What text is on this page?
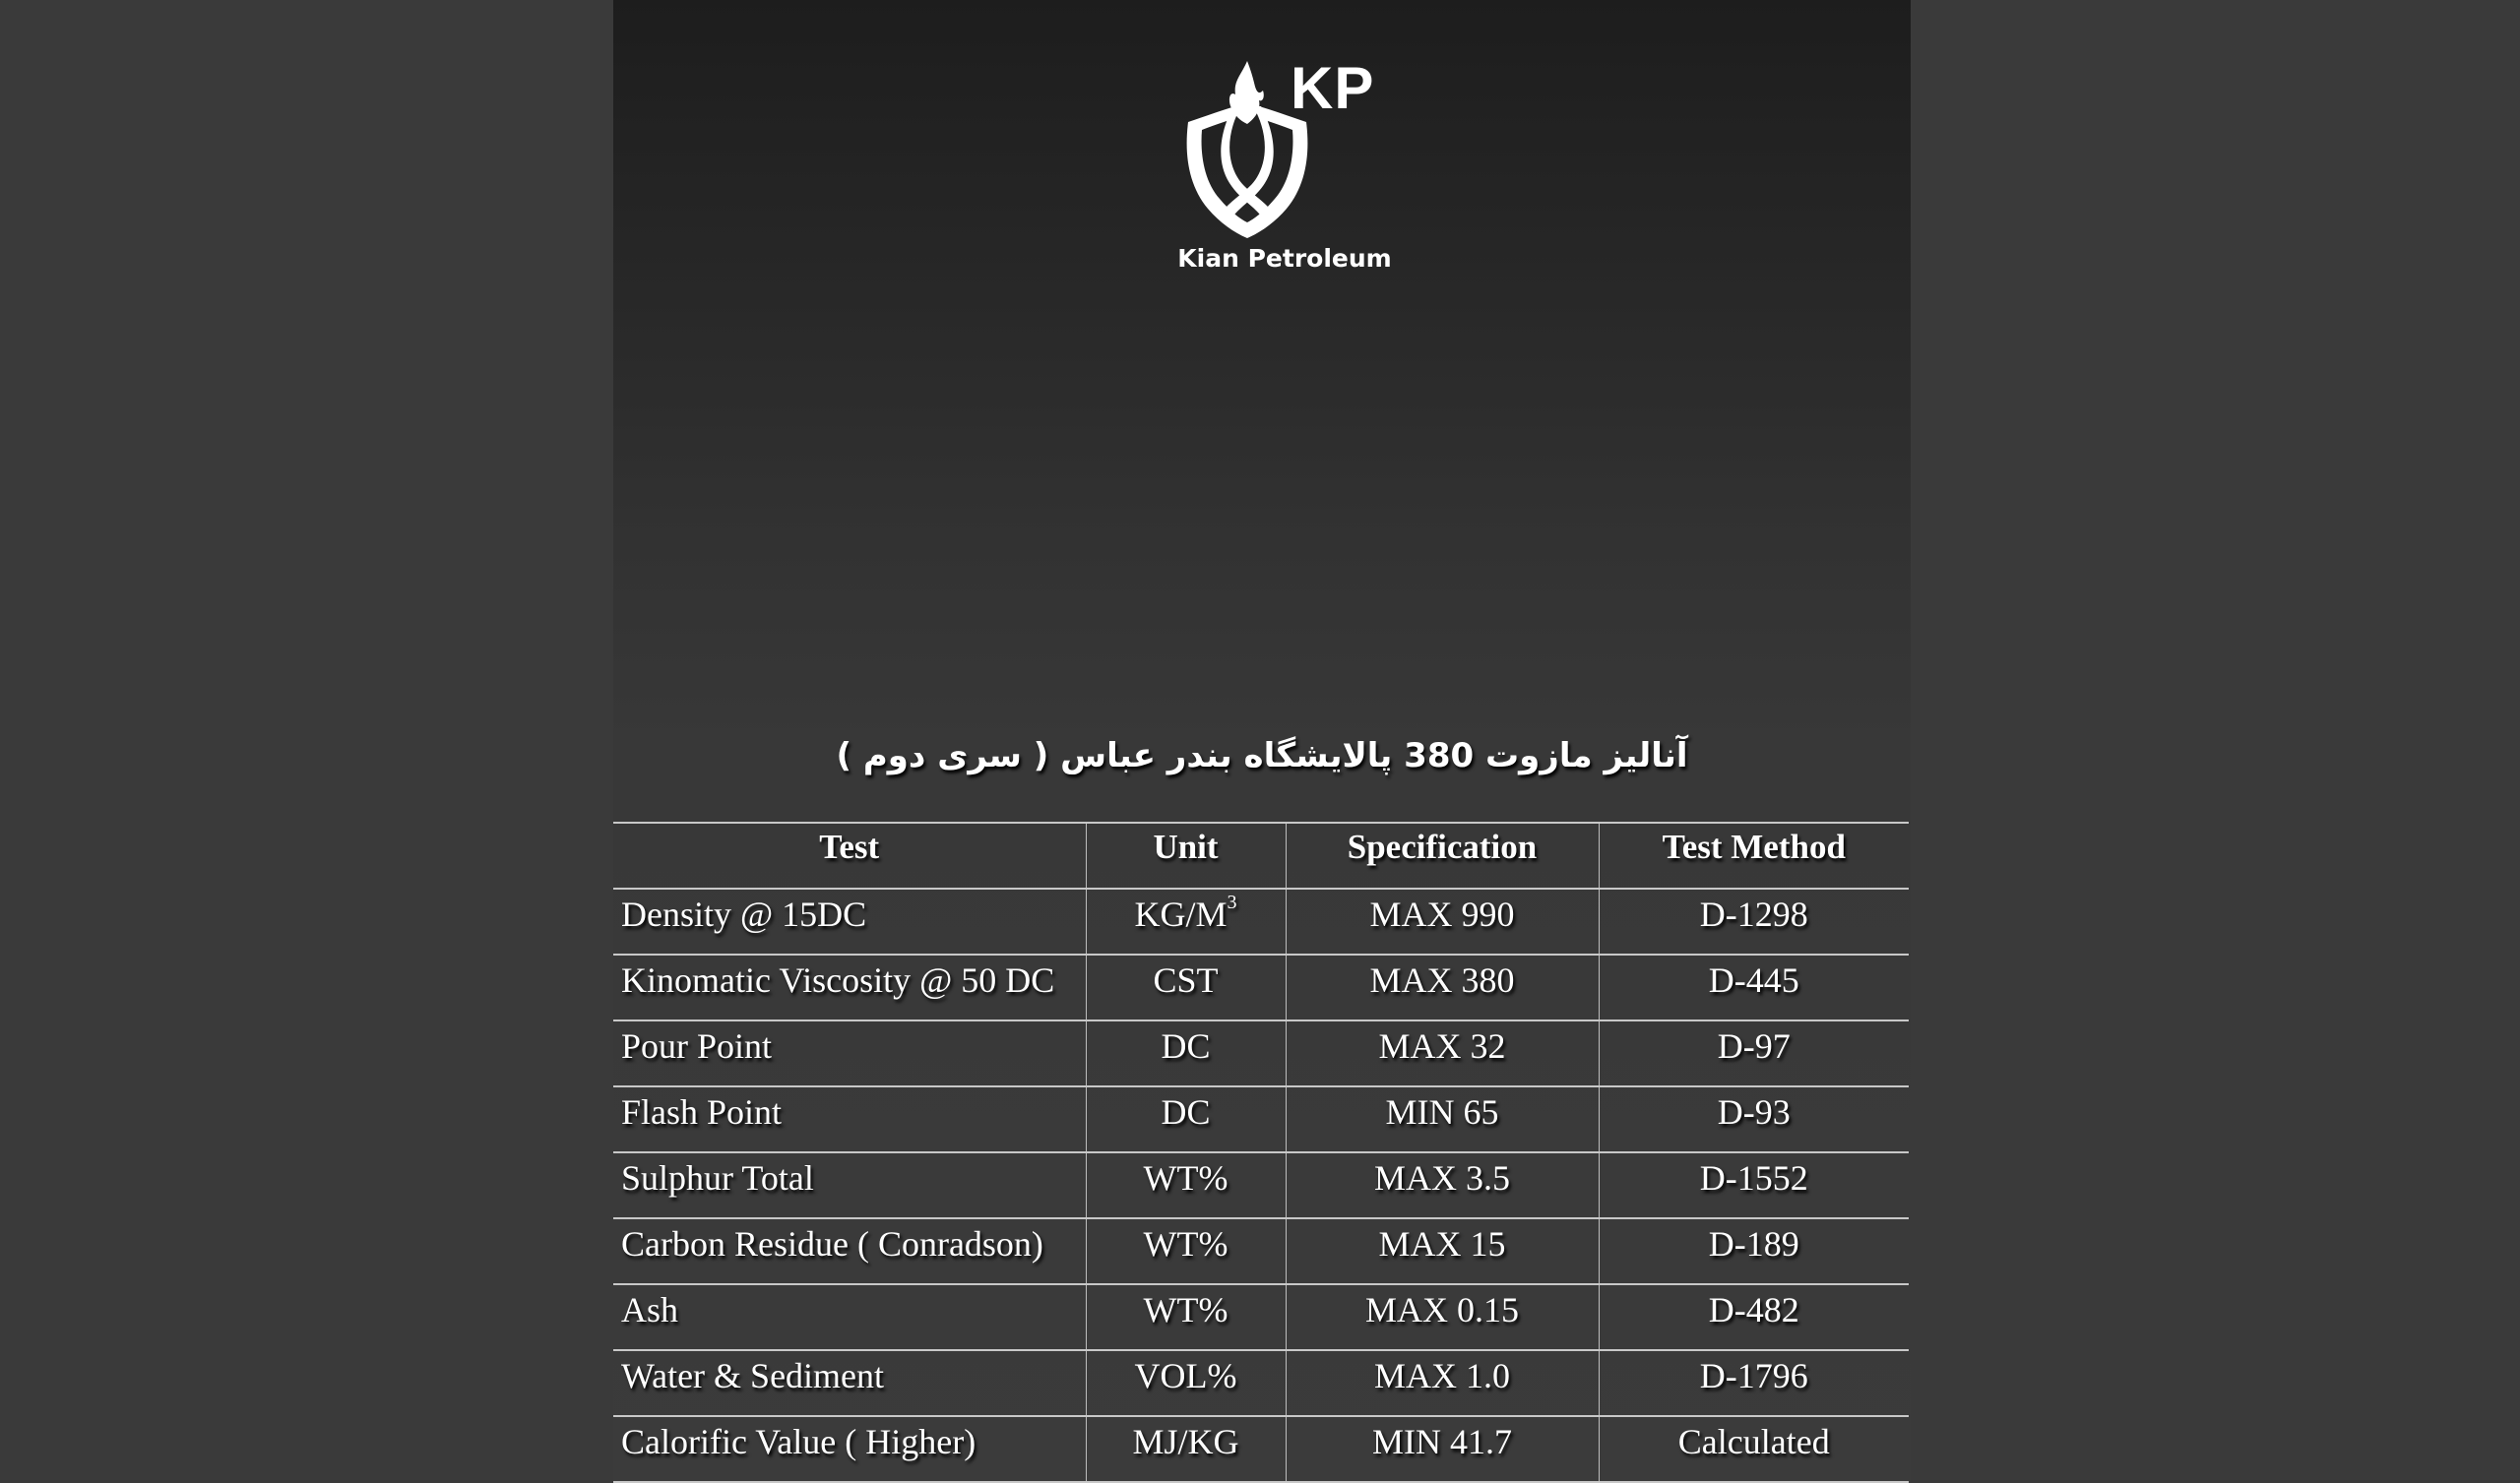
KP
Kian Petroleum
آنالیز مازوت 380 پالایشگاه بندر عباس ( سری دوم )
Test	Unit	Specification	Test Method
Density @ 15DC	$KG/M^3$	MAX 990	D-1298
Kinomatic Viscosity @ 50 DC	CST	MAX 380	D-445
Pour Point	DC	MAX 32	D-97
Flash Point	DC	MIN 65	D-93
Sulphur Total	WT%	MAX 3.5	D-1552
Carbon Residue ( Conradson)	WT%	MAX 15	D-189
Ash	WT%	MAX 0.15	D-482
Water & Sediment	VOL%	MAX 1.0	D-1796
Calorific Value ( Higher)	MJ/KG	MIN 41.7	Calculated
